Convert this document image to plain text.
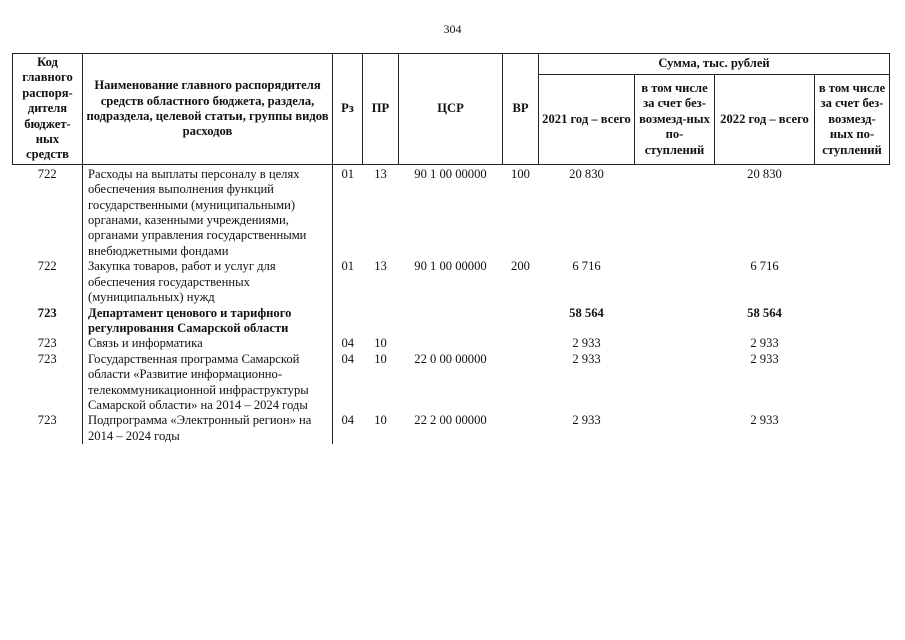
304
Код главного распоря-дителя бюджет-ных средств	Наименование главного распорядителя средств областного бюджета, раздела, подраздела, целевой статьи, группы видов расходов	Рз	ПР	ЦСР	ВР	Сумма, тыс. рублей			
						2021 год – всего	в том числе за счет без-возмезд-ных по-ступлений	2022 год – всего	в том числе за счет без-возмезд-ных по-ступлений
722	Расходы на выплаты персоналу в целях обеспечения выполнения функций государственными (муниципальными) органами, казенными учреждениями, органами управления государственными внебюджетными фондами	01	13	90 1 00 00000	100	20 830		20 830	
722	Закупка товаров, работ и услуг для обеспечения государственных (муниципальных) нужд	01	13	90 1 00 00000	200	6 716		6 716	
723	Департамент ценового и тарифного регулирования Самарской области					58 564		58 564	
723	Связь и информатика	04	10			2 933		2 933	
723	Государственная программа Самарской области «Развитие информационно-телекоммуникационной инфраструктуры Самарской области» на 2014 – 2024 годы	04	10	22 0 00 00000		2 933		2 933	
723	Подпрограмма «Электронный регион» на 2014 – 2024 годы	04	10	22 2 00 00000		2 933		2 933	
